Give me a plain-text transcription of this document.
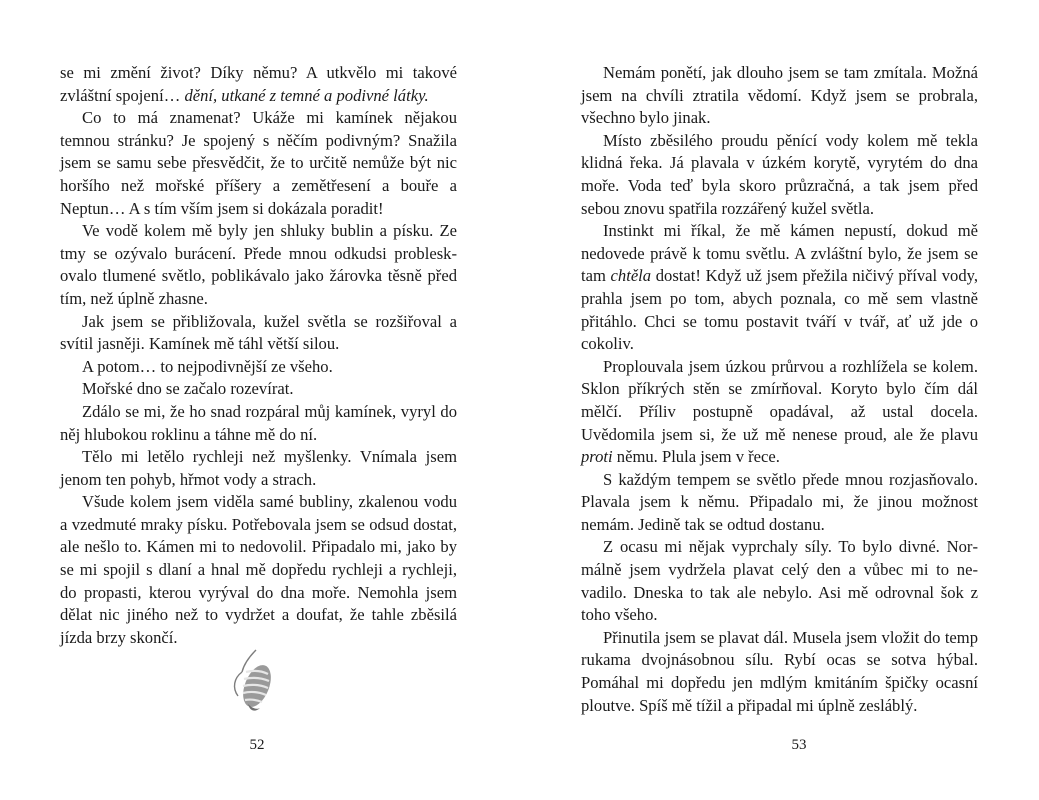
se mi změní život? Díky němu? A utkvělo mi takové zvláštní spojení… dění, utkané z temné a podivné látky.

Co to má znamenat? Ukáže mi kamínek nějakou temnou stránku? Je spojený s něčím podivným? Snažila jsem se samu sebe přesvědčit, že to určitě nemůže být nic horšího než mořské příšery a zemětřesení a bouře a Neptun… A s tím vším jsem si dokázala poradit!

Ve vodě kolem mě byly jen shluky bublin a písku. Ze tmy se ozývalo burácení. Přede mnou odkudsi probleskovalo tlumené světlo, poblikávalo jako žárovka těsně před tím, než úplně zhasne.

Jak jsem se přibližovala, kužel světla se rozšiřoval a svítil jasněji. Kamínek mě táhl větší silou.

A potom… to nejpodivnější ze všeho.

Mořské dno se začalo rozevírat.

Zdálo se mi, že ho snad rozpáral můj kamínek, vyryl do něj hlubokou roklinu a táhne mě do ní.

Tělo mi letělo rychleji než myšlenky. Vnímala jsem jenom ten pohyb, hřmot vody a strach.

Všude kolem jsem viděla samé bubliny, zkalenou vodu a vzedmuté mraky písku. Potřebovala jsem se odsud dostat, ale nešlo to. Kámen mi to nedovolil. Připadalo mi, jako by se mi spojil s dlaní a hnal mě dopředu rychleji a rychleji, do propasti, kterou vyrýval do dna moře. Nemohla jsem dělat nic jiného než to vydržet a doufat, že tahle zběsilá jízda brzy skončí.

52

Nemám ponětí, jak dlouho jsem se tam zmítala. Možná jsem na chvíli ztratila vědomí. Když jsem se probrala, všechno bylo jinak.

Místo zběsilého proudu pěnící vody kolem mě tekla klidná řeka. Já plavala v úzkém korytě, vyrytém do dna moře. Voda teď byla skoro průzračná, a tak jsem před sebou znovu spatřila rozzářený kužel světla.

Instinkt mi říkal, že mě kámen nepustí, dokud mě nedovede právě k tomu světlu. A zvláštní bylo, že jsem se tam chtěla dostat! Když už jsem přežila ničivý příval vody, prahla jsem po tom, abych poznala, co mě sem vlastně přitáhlo. Chci se tomu postavit tváří v tvář, ať už jde o cokoliv.

Proplouvala jsem úzkou průrvou a rozhlížela se kolem. Sklon příkrých stěn se zmírňoval. Koryto bylo čím dál mělčí. Příliv postupně opadával, až ustal docela. Uvědomila jsem si, že už mě nenese proud, ale že plavu proti němu. Plula jsem v řece.

S každým tempem se světlo přede mnou rozjasňovalo. Plavala jsem k němu. Připadalo mi, že jinou možnost nemám. Jedině tak se odtud dostanu.

Z ocasu mi nějak vyprchaly síly. To bylo divné. Normálně jsem vydržela plavat celý den a vůbec mi to nevadilo. Dneska to tak ale nebylo. Asi mě odrovnal šok z toho všeho.

Přinutila jsem se plavat dál. Musela jsem vložit do temp rukama dvojnásobnou sílu. Rybí ocas se sotva hýbal. Pomáhal mi dopředu jen mdlým kmitáním špičky ocasní ploutve. Spíš mě tížil a připadal mi úplně zesláblý.

53
